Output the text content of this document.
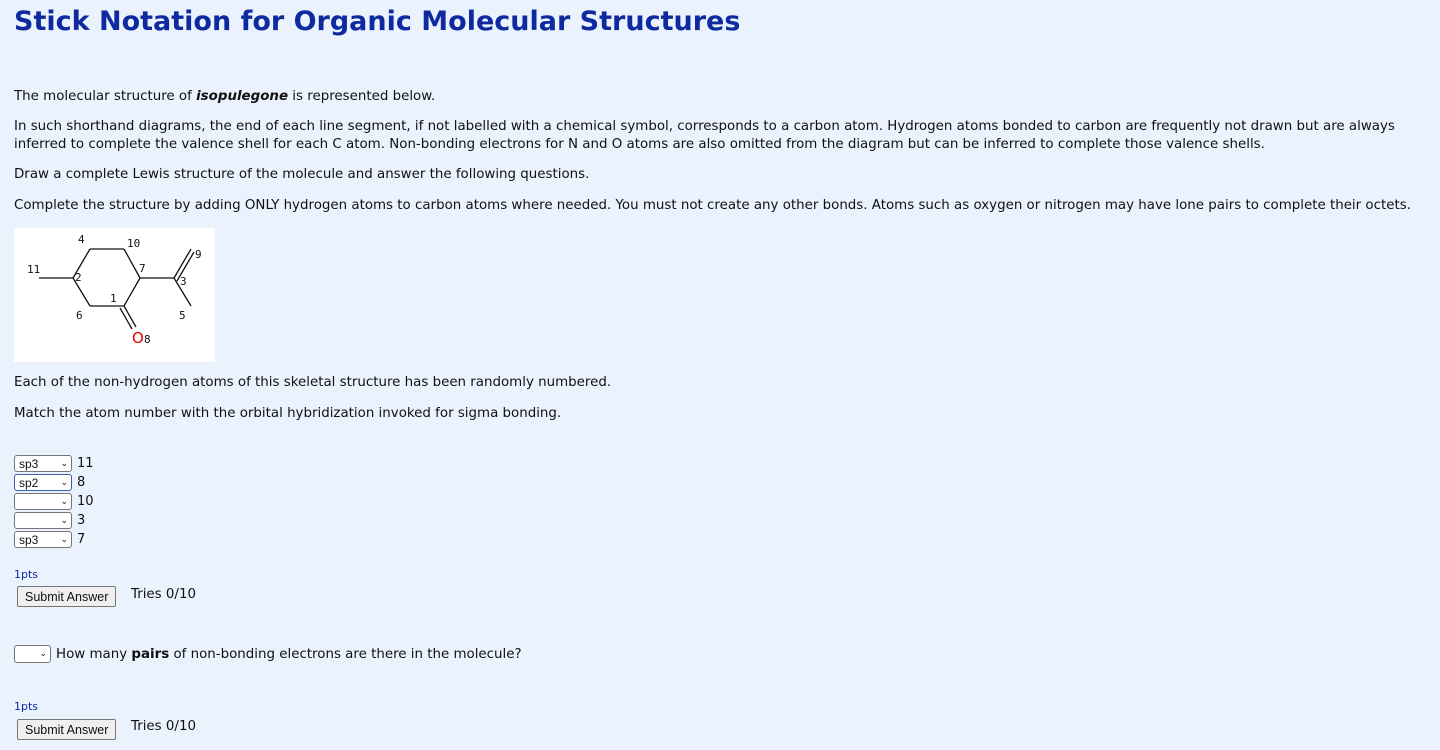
Stick Notation for Organic Molecular Structures

The molecular structure of isopulegone is represented below.

In such shorthand diagrams, the end of each line segment, if not labelled with a chemical symbol, corresponds to a carbon atom. Hydrogen atoms bonded to carbon are frequently not drawn but are always inferred to complete the valence shell for each C atom. Non-bonding electrons for N and O atoms are also omitted from the diagram but can be inferred to complete those valence shells.

Draw a complete Lewis structure of the molecule and answer the following questions.

Complete the structure by adding ONLY hydrogen atoms to carbon atoms where needed. You must not create any other bonds. Atoms such as oxygen or nitrogen may have lone pairs to complete their octets.

4	10
9
11
2
7
3
1
6	5
O 8

Each of the non-hydrogen atoms of this skeletal structure has been randomly numbered.

Match the atom number with the orbital hybridization invoked for sigma bonding.

sp3 ⌄ 11
sp2 ⌄ 8
⌄ 10
⌄ 3
sp3 ⌄ 7
1pts
Submit Answer	Tries 0/10
⌄ How many pairs of non-bonding electrons are there in the molecule?
1pts
Submit Answer	Tries 0/10
